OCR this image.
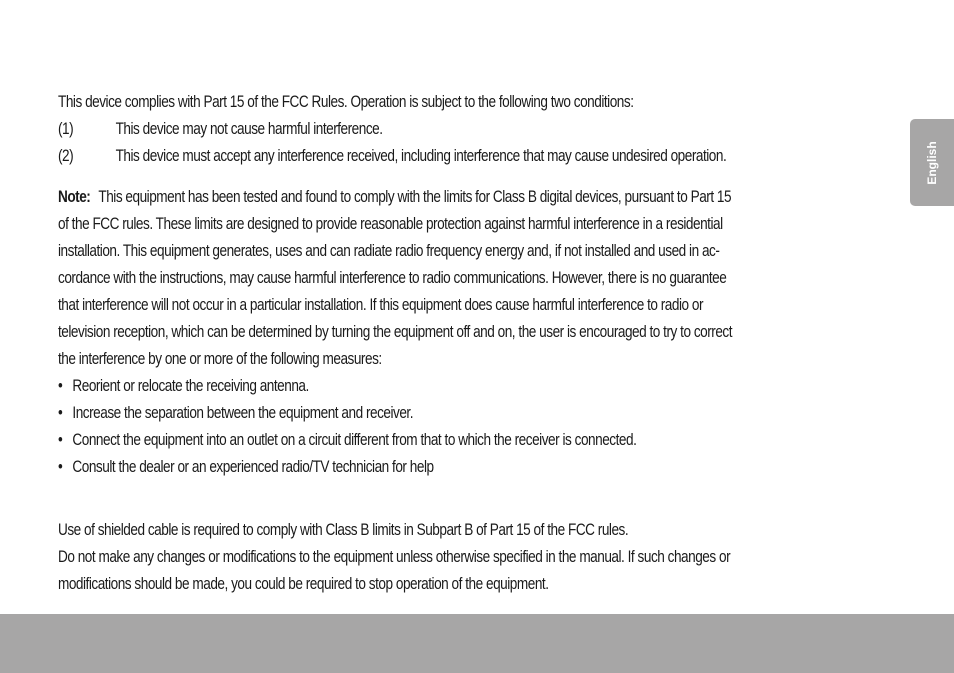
English
This device complies with Part 15 of the FCC Rules. Operation is subject to the following two conditions:
(1)	This device may not cause harmful interference.
(2)	This device must accept any interference received, including interference that may cause undesired operation.
Note: This equipment has been tested and found to comply with the limits for Class B digital devices, pursuant to Part 15
of the FCC rules. These limits are designed to provide reasonable protection against harmful interference in a residential
installation. This equipment generates, uses and can radiate radio frequency energy and, if not installed and used in ac-
cordance with the instructions, may cause harmful interference to radio communications. However, there is no guarantee
that interference will not occur in a particular installation. If this equipment does cause harmful interference to radio or
television reception, which can be determined by turning the equipment off and on, the user is encouraged to try to correct
the interference by one or more of the following measures:
• Reorient or relocate the receiving antenna.
• Increase the separation between the equipment and receiver.
• Connect the equipment into an outlet on a circuit different from that to which the receiver is connected.
• Consult the dealer or an experienced radio/TV technician for help
Use of shielded cable is required to comply with Class B limits in Subpart B of Part 15 of the FCC rules.
Do not make any changes or modifications to the equipment unless otherwise specified in the manual. If such changes or
modifications should be made, you could be required to stop operation of the equipment.
